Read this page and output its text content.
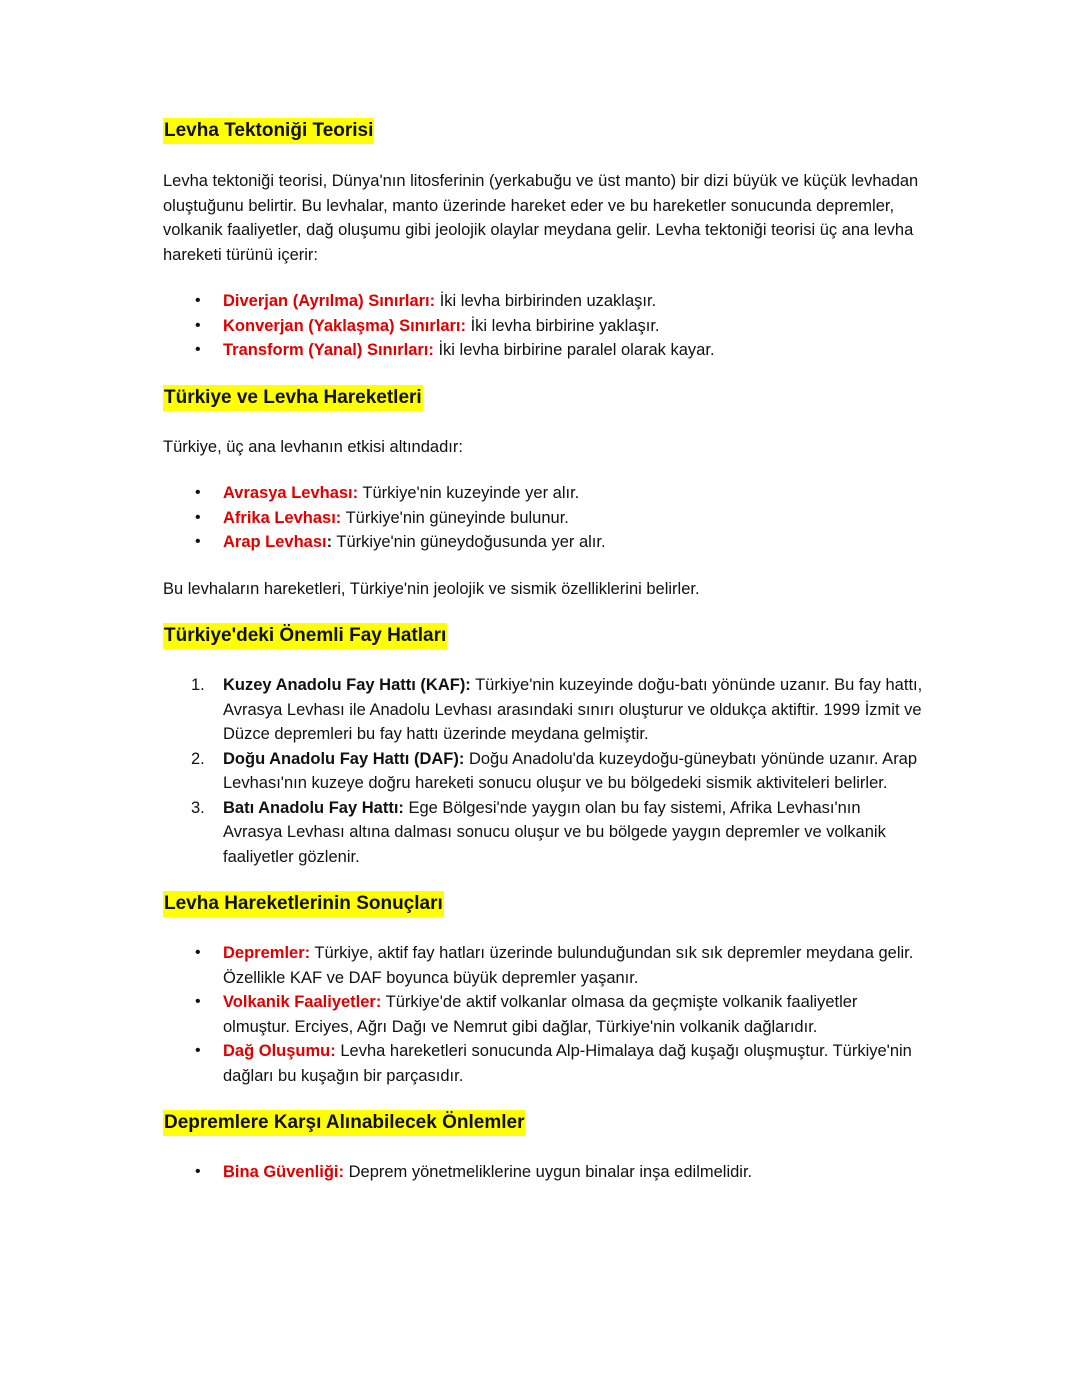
Levha Tektoniği Teorisi

Levha tektoniği teorisi, Dünya'nın litosferinin (yerkabuğu ve üst manto) bir dizi büyük ve küçük levhadan oluştuğunu belirtir. Bu levhalar, manto üzerinde hareket eder ve bu hareketler sonucunda depremler, volkanik faaliyetler, dağ oluşumu gibi jeolojik olaylar meydana gelir. Levha tektoniği teorisi üç ana levha hareketi türünü içerir:

• Diverjan (Ayrılma) Sınırları: İki levha birbirinden uzaklaşır.
• Konverjan (Yaklaşma) Sınırları: İki levha birbirine yaklaşır.
• Transform (Yanal) Sınırları: İki levha birbirine paralel olarak kayar.
Türkiye ve Levha Hareketleri

Türkiye, üç ana levhanın etkisi altındadır:

• Avrasya Levhası: Türkiye'nin kuzeyinde yer alır.
• Afrika Levhası: Türkiye'nin güneyinde bulunur.
• Arap Levhası: Türkiye'nin güneydoğusunda yer alır.

Bu levhaların hareketleri, Türkiye'nin jeolojik ve sismik özelliklerini belirler.

Türkiye'deki Önemli Fay Hatları
1. Kuzey Anadolu Fay Hattı (KAF): Türkiye'nin kuzeyinde doğu-batı yönünde uzanır. Bu fay hattı, Avrasya Levhası ile Anadolu Levhası arasındaki sınırı oluşturur ve oldukça aktiftir. 1999 İzmit ve Düzce depremleri bu fay hattı üzerinde meydana gelmiştir.
2. Doğu Anadolu Fay Hattı (DAF): Doğu Anadolu'da kuzeydoğu-güneybatı yönünde uzanır. Arap Levhası'nın kuzeye doğru hareketi sonucu oluşur ve bu bölgedeki sismik aktiviteleri belirler.
3. Batı Anadolu Fay Hattı: Ege Bölgesi'nde yaygın olan bu fay sistemi, Afrika Levhası'nın Avrasya Levhası altına dalması sonucu oluşur ve bu bölgede yaygın depremler ve volkanik faaliyetler gözlenir.
Levha Hareketlerinin Sonuçları
• Depremler: Türkiye, aktif fay hatları üzerinde bulunduğundan sık sık depremler meydana gelir. Özellikle KAF ve DAF boyunca büyük depremler yaşanır.
• Volkanik Faaliyetler: Türkiye'de aktif volkanlar olmasa da geçmişte volkanik faaliyetler olmuştur. Erciyes, Ağrı Dağı ve Nemrut gibi dağlar, Türkiye'nin volkanik dağlarıdır.
• Dağ Oluşumu: Levha hareketleri sonucunda Alp-Himalaya dağ kuşağı oluşmuştur. Türkiye'nin dağları bu kuşağın bir parçasıdır.
Depremlere Karşı Alınabilecek Önlemler
• Bina Güvenliği: Deprem yönetmeliklerine uygun binalar inşa edilmelidir.
